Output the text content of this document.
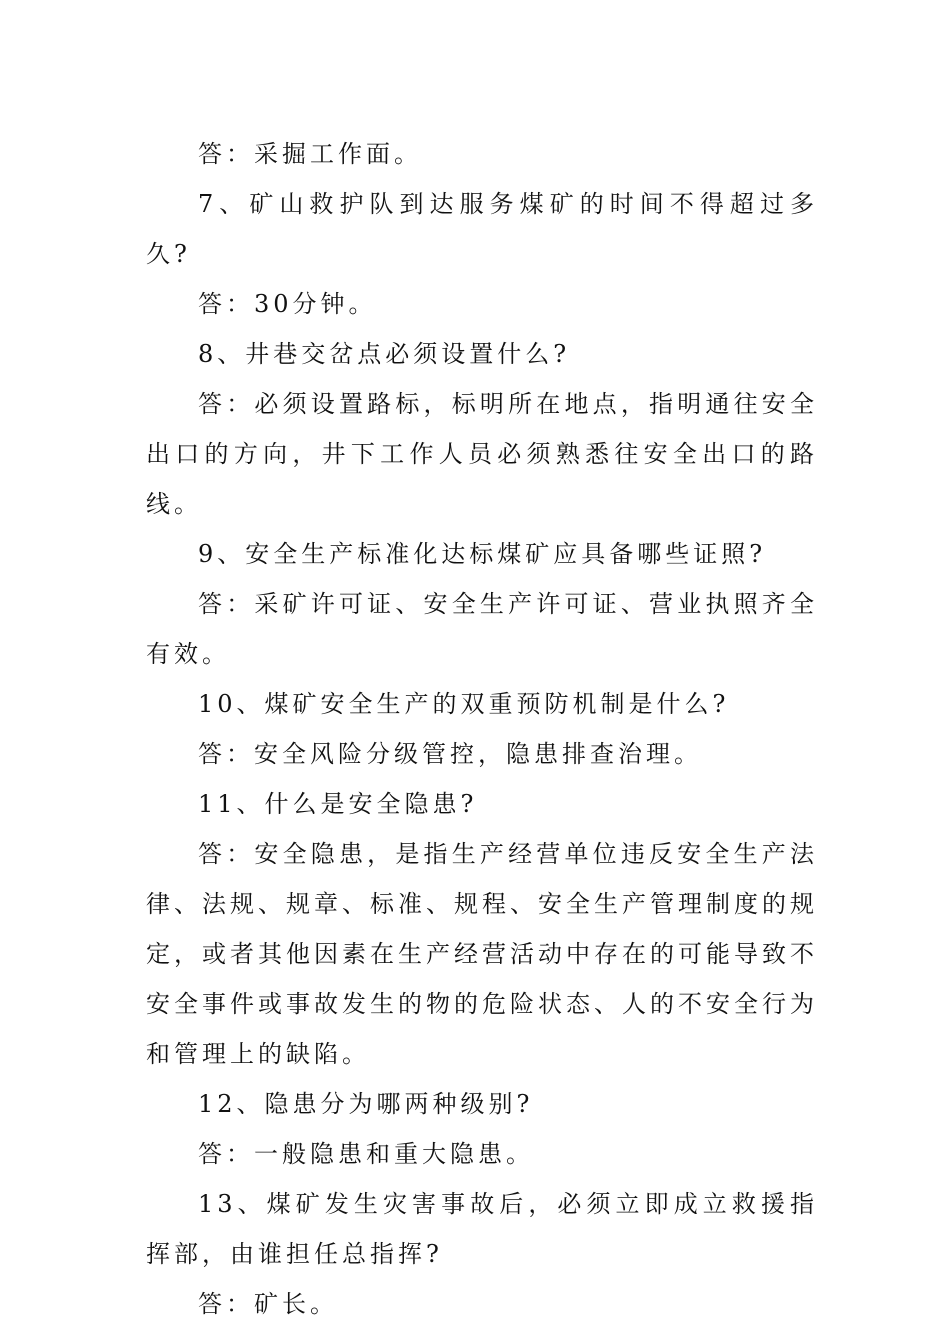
答：采掘工作面。

7、矿山救护队到达服务煤矿的时间不得超过多久?

答：30分钟。

8、井巷交岔点必须设置什么?

答：必须设置路标，标明所在地点，指明通往安全出口的方向，井下工作人员必须熟悉往安全出口的路线。

9、安全生产标准化达标煤矿应具备哪些证照?

答：采矿许可证、安全生产许可证、营业执照齐全有效。

10、煤矿安全生产的双重预防机制是什么?

答：安全风险分级管控，隐患排查治理。

11、什么是安全隐患?

答：安全隐患，是指生产经营单位违反安全生产法律、法规、规章、标准、规程、安全生产管理制度的规定，或者其他因素在生产经营活动中存在的可能导致不安全事件或事故发生的物的危险状态、人的不安全行为和管理上的缺陷。

12、隐患分为哪两种级别?

答：一般隐患和重大隐患。

13、煤矿发生灾害事故后，必须立即成立救援指挥部，由谁担任总指挥?

答：矿长。
